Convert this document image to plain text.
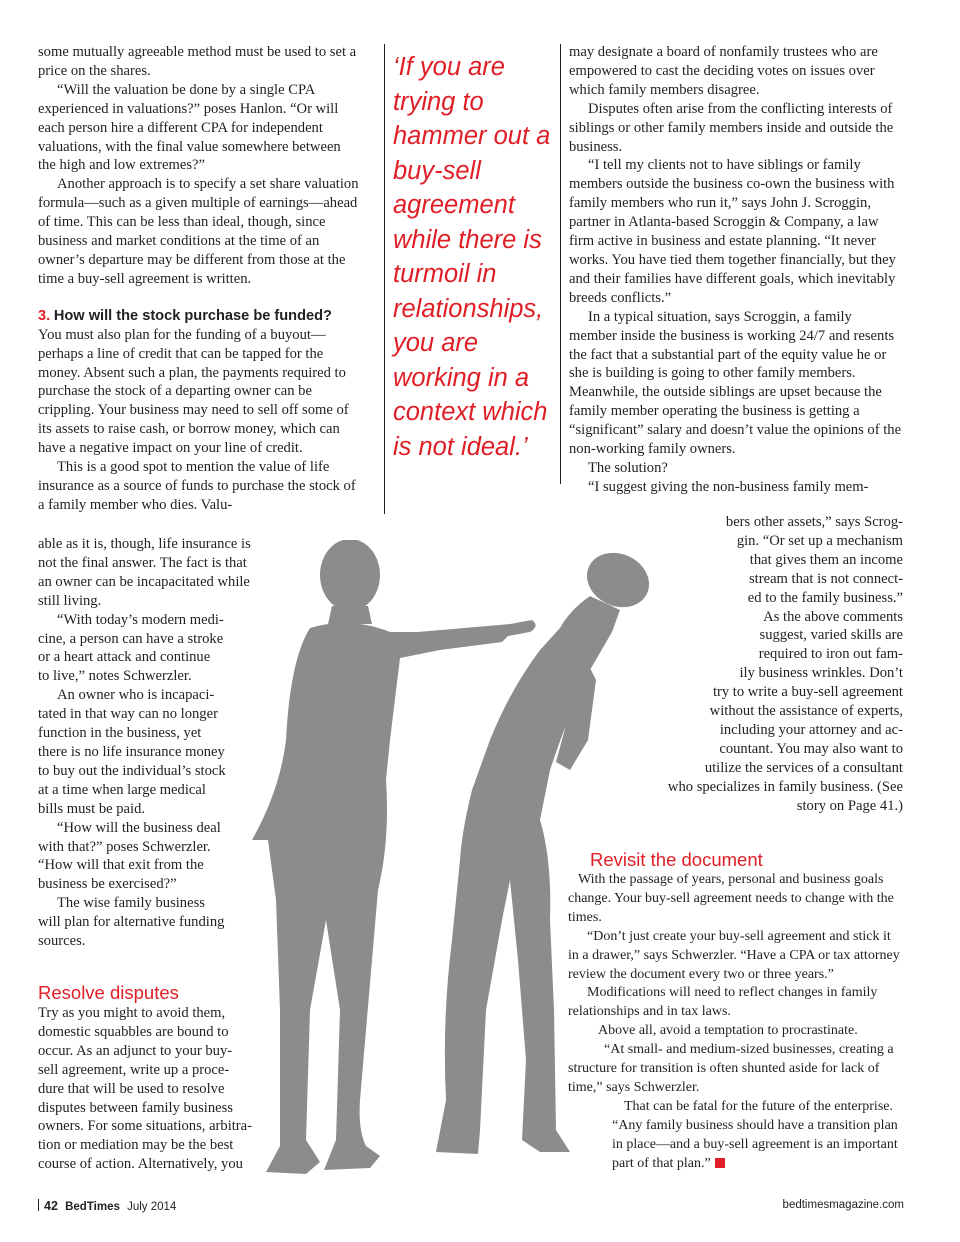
some mutually agreeable method must be used to set a price on the shares.

“Will the valuation be done by a single CPA experienced in valuations?” poses Hanlon. “Or will each person hire a different CPA for independent valuations, with the final value somewhere between the high and low extremes?”

Another approach is to specify a set share valuation formula—such as a given multiple of earnings—ahead of time. This can be less than ideal, though, since business and market conditions at the time of an owner’s departure may be different from those at the time a buy-sell agreement is written.

3. How will the stock purchase be funded?

You must also plan for the funding of a buyout—perhaps a line of credit that can be tapped for the money. Absent such a plan, the payments required to purchase the stock of a departing owner can be crippling. Your business may need to sell off some of its assets to raise cash, or borrow money, which can have a negative impact on your line of credit.

This is a good spot to mention the value of life insurance as a source of funds to purchase the stock of a family member who dies. Valu-

able as it is, though, life insurance is
not the final answer. The fact is that
an owner can be incapacitated while
still living.
“With today’s modern medi-
cine, a person can have a stroke
or a heart attack and continue
to live,” notes Schwerzler.
An owner who is incapaci-
tated in that way can no longer
function in the business, yet
there is no life insurance money
to buy out the individual’s stock
at a time when large medical
bills must be paid.
“How will the business deal
with that?” poses Schwerzler.
“How will that exit from the
business be exercised?”
The wise family business
will plan for alternative funding
sources.
Resolve disputes
Try as you might to avoid them,
domestic squabbles are bound to
occur. As an adjunct to your buy-
sell agreement, write up a proce-
dure that will be used to resolve
disputes between family business
owners. For some situations, arbitra-
tion or mediation may be the best
course of action. Alternatively, you
‘If you are trying to hammer out a buy-sell agreement while there is turmoil in relationships, you are working in a context which is not ideal.’

may designate a board of nonfamily trustees who are empowered to cast the deciding votes on issues over which family members disagree.

Disputes often arise from the conflicting interests of siblings or other family members inside and outside the business.

“I tell my clients not to have siblings or family members outside the business co-own the business with family members who run it,” says John J. Scroggin, partner in Atlanta-based Scroggin & Company, a law firm active in business and estate planning. “It never works. You have tied them together financially, but they and their families have different goals, which inevitably breeds conflicts.”

In a typical situation, says Scroggin, a family member inside the business is working 24/7 and resents the fact that a substantial part of the equity value he or she is building is going to other family members. Meanwhile, the outside siblings are upset because the family member operating the business is getting a “significant” salary and doesn’t value the opinions of the non-working family owners.

The solution?

“I suggest giving the non-business family mem-
bers other assets,” says Scrog-
gin. “Or set up a mechanism
that gives them an income
stream that is not connect-
ed to the family business.”
As the above comments
suggest, varied skills are
required to iron out fam-
ily business wrinkles. Don’t
try to write a buy-sell agreement
without the assistance of experts,
including your attorney and ac-
countant. You may also want to
utilize the services of a consultant
who specializes in family business. (See
story on Page 41.)
Revisit the document

With the passage of years, personal and business goals change. Your buy-sell agreement needs to change with the times.

“Don’t just create your buy-sell agreement and stick it in a drawer,” says Schwerzler. “Have a CPA or tax attorney review the document every two or three years.”

Modifications will need to reflect changes in family relationships and in tax laws.

Above all, avoid a temptation to procrastinate.

“At small- and medium-sized businesses, creating a structure for transition is often shunted aside for lack of time,” says Schwerzler.

That can be fatal for the future of the enterprise.

“Any family business should have a transition plan in place—and a buy-sell agreement is an important part of that plan.”

42 BedTimes July 2014	bedtimesmagazine.com
